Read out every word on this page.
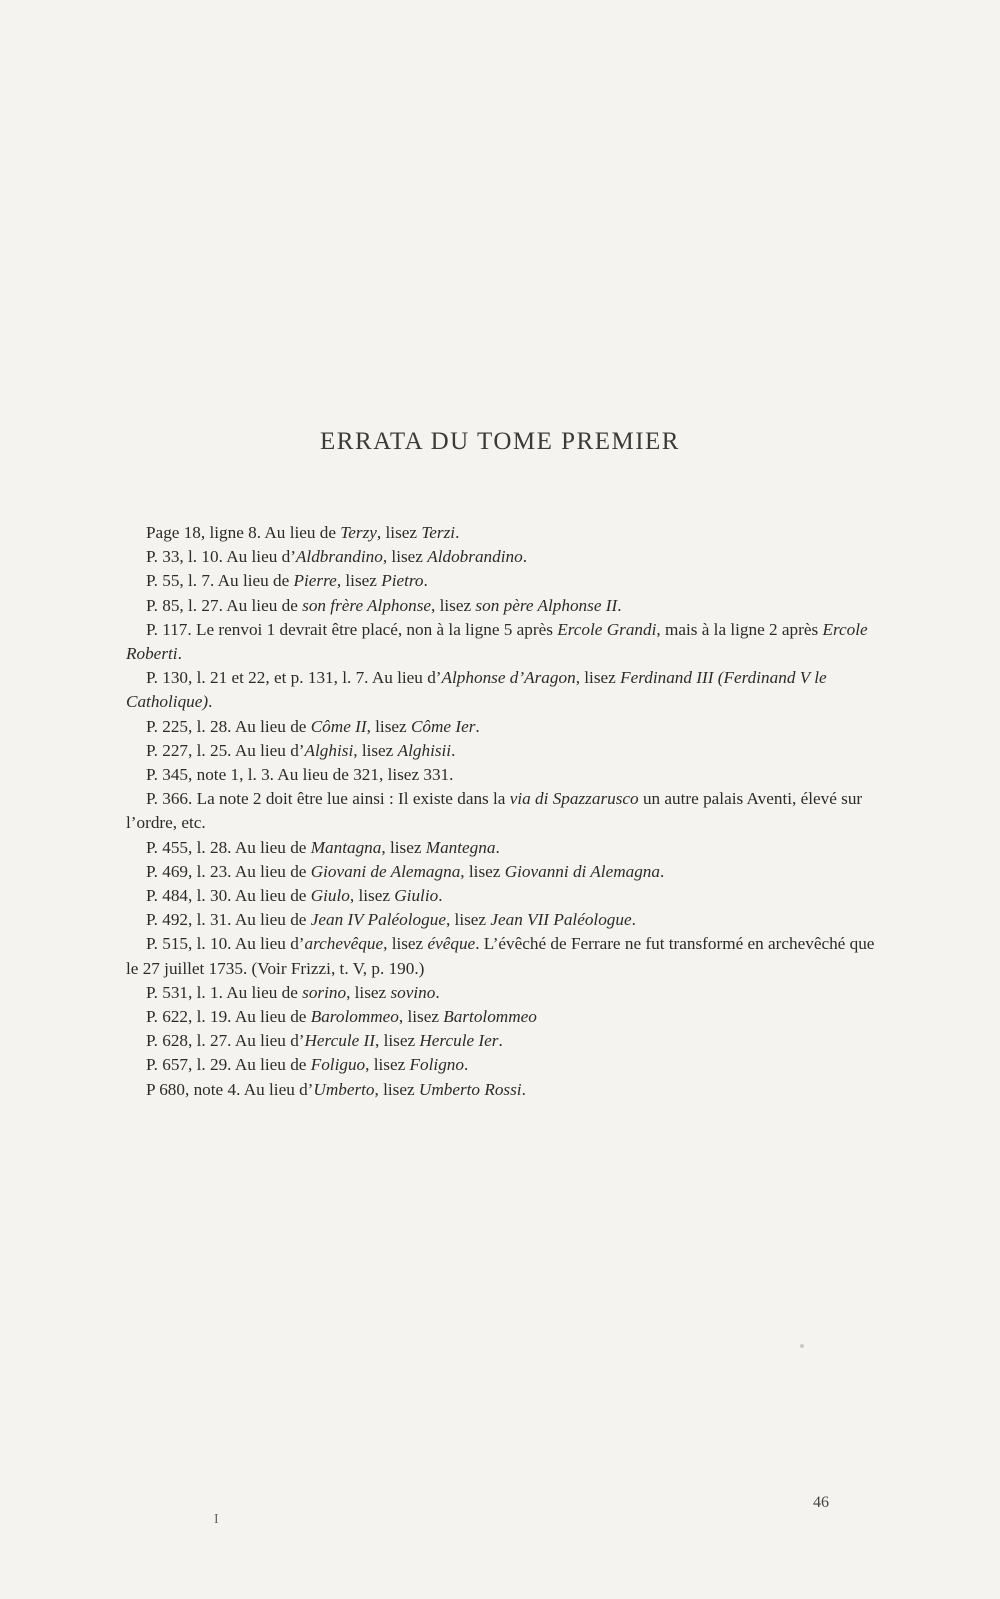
ERRATA DU TOME PREMIER

Page 18, ligne 8. Au lieu de Terzy, lisez Terzi.

P. 33, l. 10. Au lieu d’Aldbrandino, lisez Aldobrandino.

P. 55, l. 7. Au lieu de Pierre, lisez Pietro.

P. 85, l. 27. Au lieu de son frère Alphonse, lisez son père Alphonse II.

P. 117. Le renvoi 1 devrait être placé, non à la ligne 5 après Ercole Grandi, mais à la ligne 2 après Ercole Roberti.

P. 130, l. 21 et 22, et p. 131, l. 7. Au lieu d’Alphonse d’Aragon, lisez Ferdinand III (Ferdinand V le Catholique).

P. 225, l. 28. Au lieu de Côme II, lisez Côme Ier.

P. 227, l. 25. Au lieu d’Alghisi, lisez Alghisii.

P. 345, note 1, l. 3. Au lieu de 321, lisez 331.

P. 366. La note 2 doit être lue ainsi : Il existe dans la via di Spazzarusco un autre palais Aventi, élevé sur l’ordre, etc.

P. 455, l. 28. Au lieu de Mantagna, lisez Mantegna.

P. 469, l. 23. Au lieu de Giovani de Alemagna, lisez Giovanni di Alemagna.

P. 484, l. 30. Au lieu de Giulo, lisez Giulio.

P. 492, l. 31. Au lieu de Jean IV Paléologue, lisez Jean VII Paléologue.

P. 515, l. 10. Au lieu d’archevêque, lisez évêque. L’évêché de Ferrare ne fut transformé en archevêché que le 27 juillet 1735. (Voir Frizzi, t. V, p. 190.)

P. 531, l. 1. Au lieu de sorino, lisez sovino.

P. 622, l. 19. Au lieu de Barolommeo, lisez Bartolommeo

P. 628, l. 27. Au lieu d’Hercule II, lisez Hercule Ier.

P. 657, l. 29. Au lieu de Foliguo, lisez Foligno.

P 680, note 4. Au lieu d’Umberto, lisez Umberto Rossi.

I
46
